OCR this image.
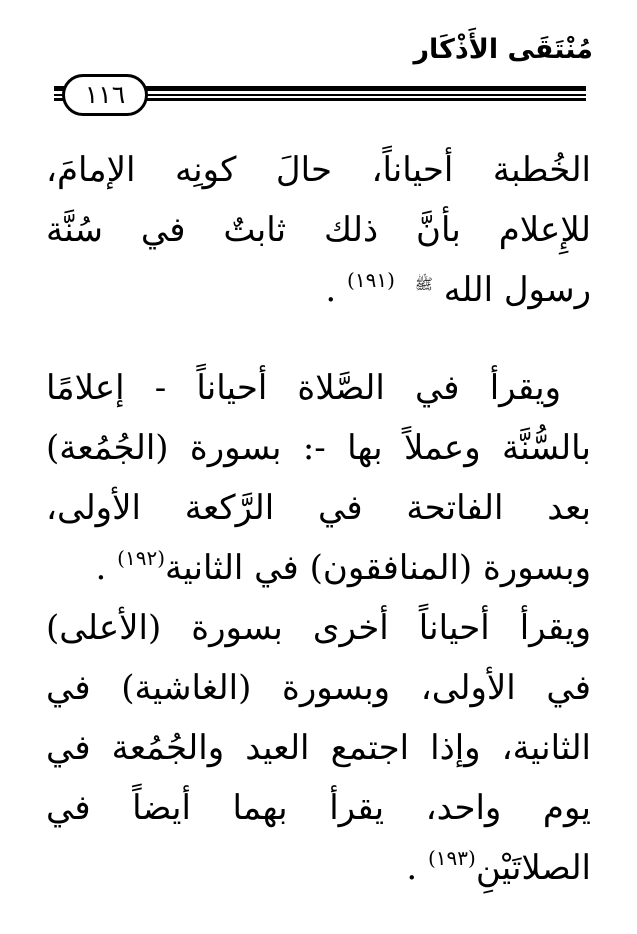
مُنْتَقَى الأَذْكَار
١١٦
الخُطبة أحياناً، حالَ كونِه الإمامَ،
للإِعلام بأنَّ ذلك ثابتٌ في سُنَّة
رسول الله ﷺ$^{(١٩١)}$ .
ويقرأ في الصَّلاة أحياناً - إعلامًا
بالسُّنَّة وعملاً بها -: بسورة (الجُمُعة)
بعد الفاتحة في الرَّكعة الأولى،
وبسورة (المنافقون) في الثانية$^{(١٩٢)}$ .
ويقرأ أحياناً أخرى بسورة (الأعلى)
في الأولى، وبسورة (الغاشية) في
الثانية، وإذا اجتمع العيد والجُمُعة في
يوم واحد، يقرأ بهما أيضاً في
الصلاتَيْنِ$^{(١٩٣)}$ .
